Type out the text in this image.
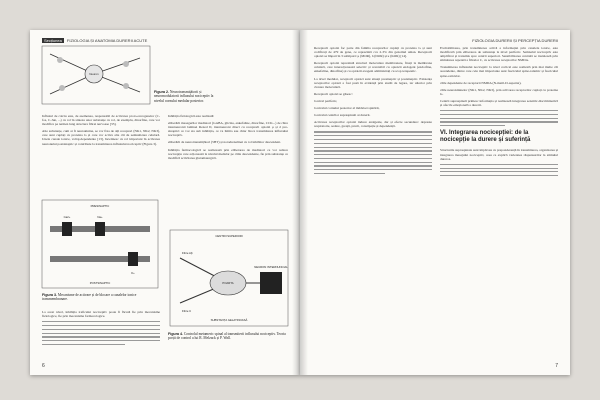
Secțiunea FIZIOLOGIA ȘI ANATOMIA DURERII ACUTE
Neuron
Figura 2. Neurotransmițătorii și neuromodulatorii influxului nociceptiv la nivelul cornului medular posterior.

Influxul de calciu este, de asemenea, responsabil de activarea proto-oncogenelor (C-fos, C-Jun, ...) cu rol în sinteza unor substanțe cu rol, de exemplu, dinorfina, care vor modifica pe termen lung structura fibrei nervoase [33].

Alte substanțe, cum ar fi neurokinina, se vor fixa de alți receptori (NK1, NK2, NK3), care sunt cuplați cu proteina G și care vor activa alte căi de semnalizare celulară. Unele canale ionice, voltaj-dependente [13], încetinesc cu rol important în activarea neuronului postsinaptic și contribuie la transmiterea influxului nociceptiv (Figura 3).

PRESINAPTIC
Ca2+	Na+
K+
POSTSINAPTIC
Figura 3. Mecanisme de activare și de blocare a canalelor ionice transmembranare.

La acest nivel, inhibiția traficului nociceptiv poate fi făcută fie prin mecanisme fiziologice, fie prin mecanisme farmacologice.

Inhibiția fiziologică este realizată:

eliberării mesagerilor mediatori (GABA, glicina, enkefaline, dinorfine, CCK...) de către interneuronii laminei Rexed II, interneuroni direct cu receptorii opioizi μ și δ pre-sinaptici ce vor sta sub inhibiția, ce va limita sau chiar bloca transmiterea influxului nociceptiv.

eliberării de neurotransmițători (5HT) și noradrenalinei cu rol inhibitor descendent.

Inhibiția farmacologică se realizează prin eliberarea de mediatori ce vor reduce nocicepția care acționează la nivelul medular pe căile descendente, fie prin substanțe ce modifică activitatea glutamatergică.

CENTRII SUPERIORI
Fibre Aβ
Fibre C
POARTA
NEURON INTERNUNCIAL
SUBSTANȚA GELATINOASĂ
Figura 4. Controlul metameric spinal al transmiterii influxului nociceptiv. Teoria porții de control a lui R. Melzack și P. Wall.
6
FIZIOLOGIA DURERII ȘI PERCEPȚIA DURERII

Receptorii opioizi fac parte din familia receptorilor cuplați cu proteina G și sunt codificați de 479 de gene, ce reprezintă cca 2-3% din genomul uman. Receptorii opioizi se împart în 3 subtipuri: μ (MOR), δ (DOR) și κ (KOR) [14].

Receptorii opioizi reprezintă structuri moleculare membranare, fixați la membrana celulară, care interacționează selectiv și reversibil cu opioizii endogeni (endorfine, enkefaline, dinorfine) și cu opioizii exogeni administrați cu scop terapeutic.

La nivel medular, receptorii opioizi sunt situați presinaptic și postsinaptic. Existența receptorilor opioizi a fost pusă în evidență prin studii de legare, iar ulterior prin clonare moleculară.

Receptorii opioizi se găsesc:

la nivel periferic,

la nivelul cornului posterior al măduvei spinării,

la nivelul centrilor supraspinali ai durerii.

Activarea receptorilor opioizi induce analgezie, dar și efecte secundare: depresie respiratorie, sedare, greață, prurit, constipație și dependență.

Excitabilitatea, prin transmiterea activă a informației prin canalele ionice, este modificată prin eliberarea de substanțe la nivel periferic. Semnalul nociceptiv este amplificat și transmis spre centrii superiori. Sensibilizarea centrală se instalează prin stimularea repetată a fibrelor C, cu activarea receptorilor NMDA.

Transmiterea influxului nociceptiv la nivel cortical este realizată prin mai multe căi ascendente, dintre care cele mai importante sunt fasciculul spino-talamic și fasciculul spino-reticulat.

căile dependente de receptorii NMDA (N-metil-D-aspartat),

căile neurokininelor (NK1, NK2, NK3), prin activarea receptorilor cuplați cu proteina G.

Centrii supraspinali primesc informația și realizează integrarea senzitiv-discriminativă și afectiv-emoțională a durerii.

VI. Integrarea nocicepției: de la nocicepție la durere și suferință

Structurile supraspinale sunt implicate cu preponderență în transmiterea, organizarea și integrarea mesajului nociceptiv, ceea ce explică varietatea răspunsurilor la stimulul dureros.

7
